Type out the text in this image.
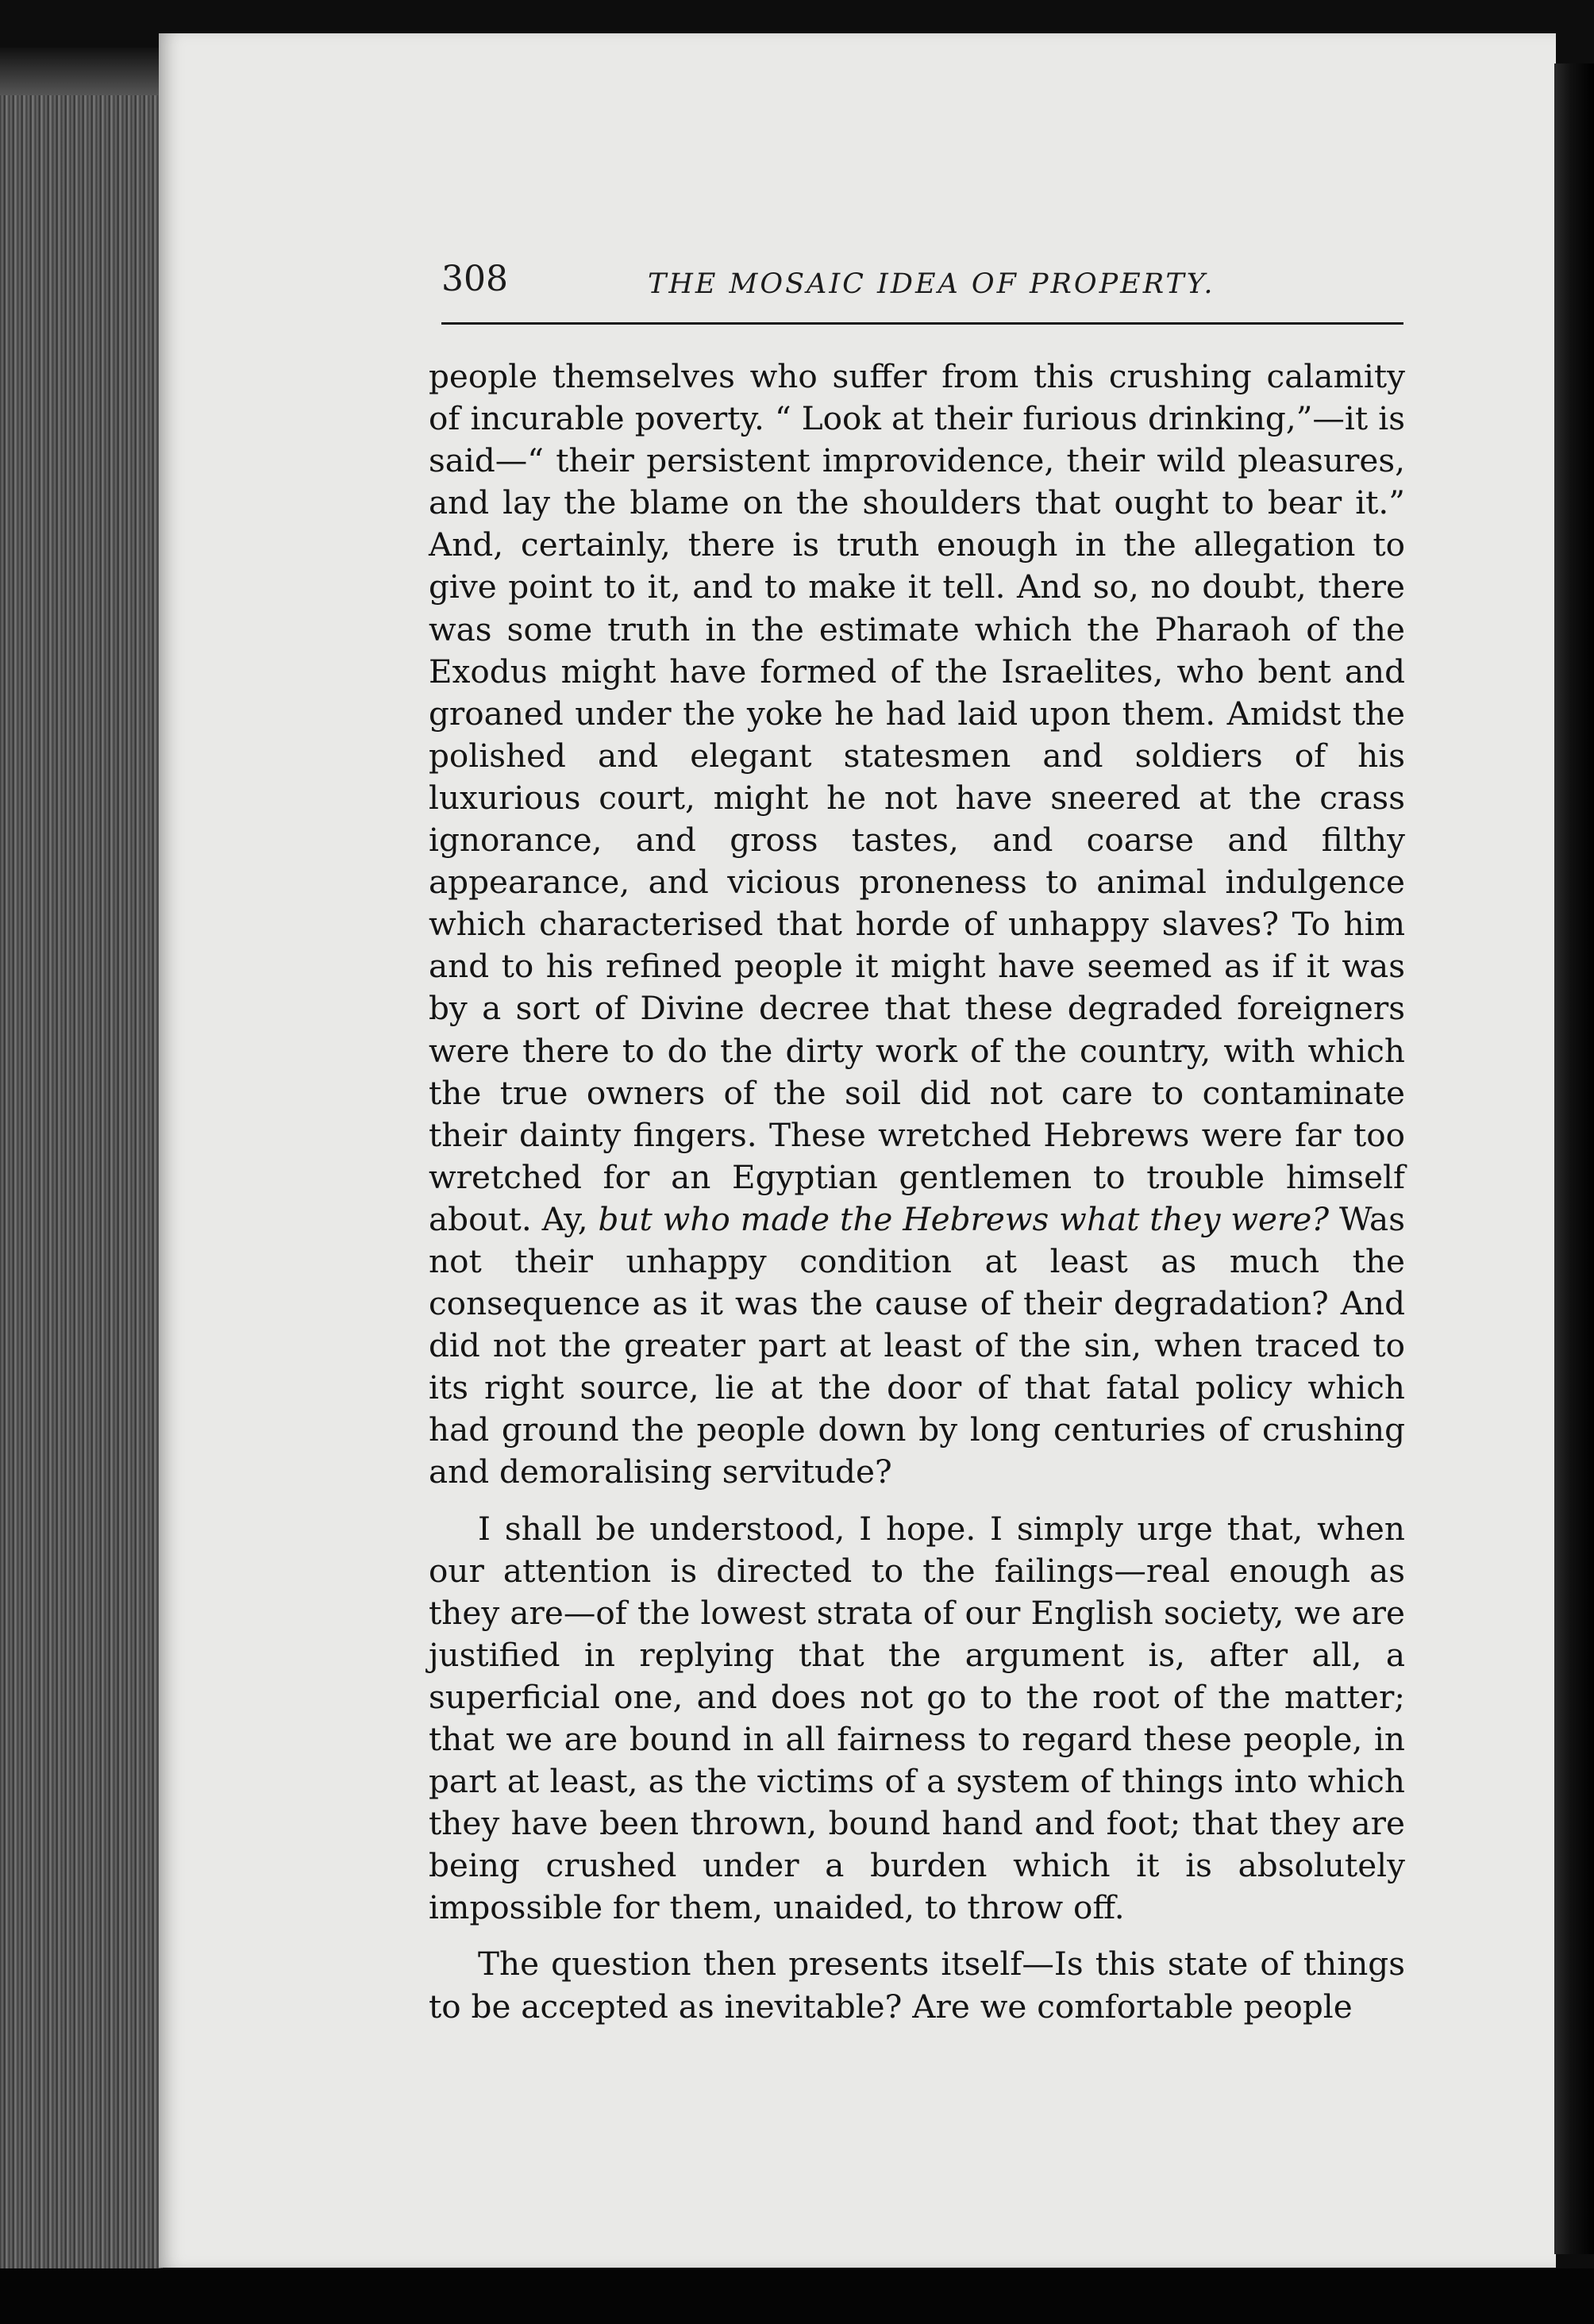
308	THE MOSAIC IDEA OF PROPERTY.

people themselves who suffer from this crushing calamity of incurable poverty. “ Look at their furious drinking,”—it is said—“ their persistent improvidence, their wild pleasures, and lay the blame on the shoulders that ought to bear it.” And, certainly, there is truth enough in the allegation to give point to it, and to make it tell. And so, no doubt, there was some truth in the estimate which the Pharaoh of the Exodus might have formed of the Israelites, who bent and groaned under the yoke he had laid upon them. Amidst the polished and elegant statesmen and soldiers of his luxurious court, might he not have sneered at the crass ignorance, and gross tastes, and coarse and filthy appearance, and vicious proneness to animal indulgence which characterised that horde of unhappy slaves? To him and to his refined people it might have seemed as if it was by a sort of Divine decree that these degraded foreigners were there to do the dirty work of the country, with which the true owners of the soil did not care to contaminate their dainty fingers. These wretched Hebrews were far too wretched for an Egyptian gentlemen to trouble himself about. Ay, but who made the Hebrews what they were? Was not their unhappy condition at least as much the consequence as it was the cause of their degradation? And did not the greater part at least of the sin, when traced to its right source, lie at the door of that fatal policy which had ground the people down by long centuries of crushing and demoralising servitude?

I shall be understood, I hope. I simply urge that, when our attention is directed to the failings—real enough as they are—of the lowest strata of our English society, we are justified in replying that the argument is, after all, a superficial one, and does not go to the root of the matter; that we are bound in all fairness to regard these people, in part at least, as the victims of a system of things into which they have been thrown, bound hand and foot; that they are being crushed under a burden which it is absolutely impossible for them, unaided, to throw off.

The question then presents itself—Is this state of things to be accepted as inevitable? Are we comfortable people
